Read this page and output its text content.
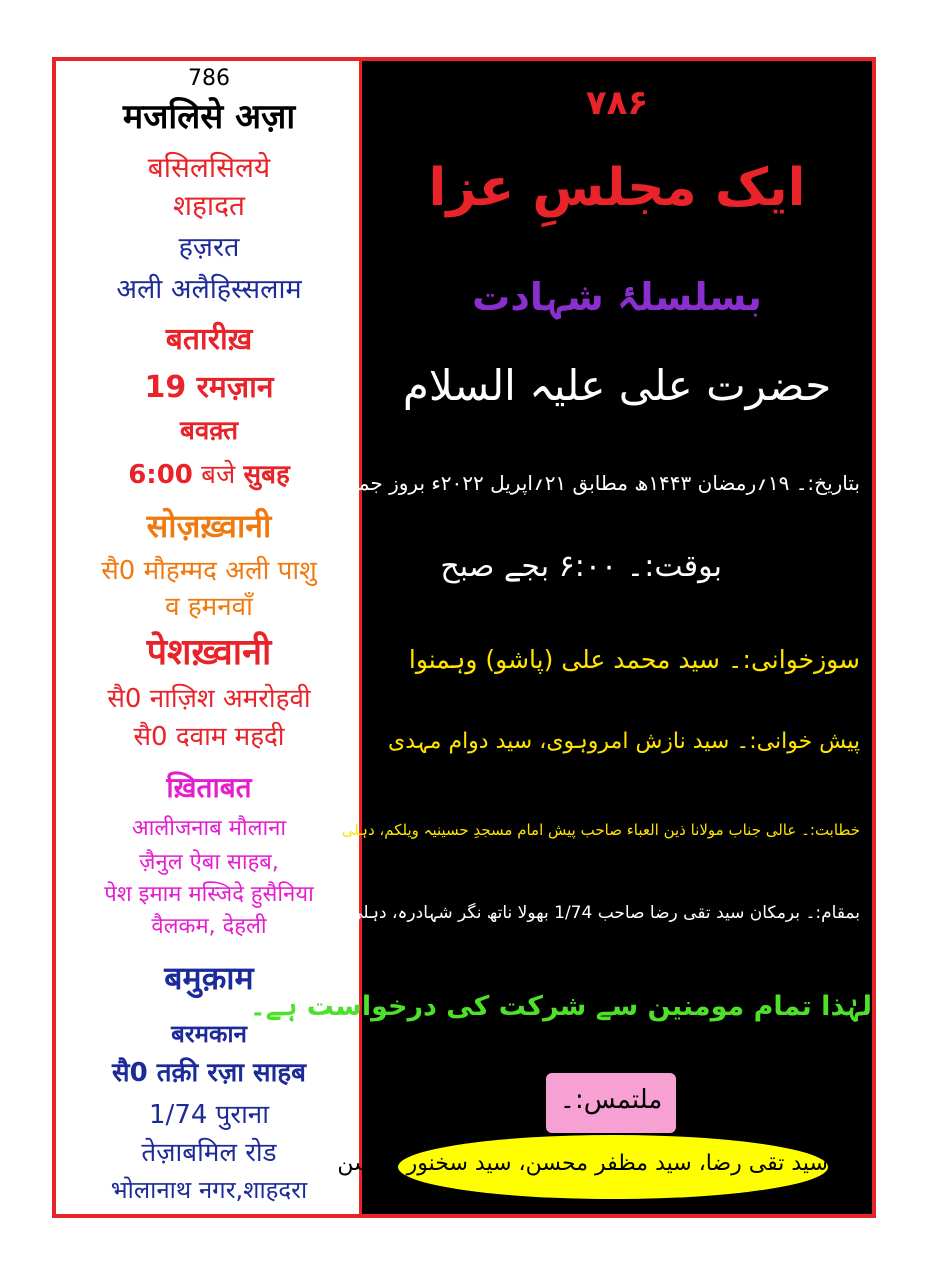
786
मजलिसे अज़ा
बसिलसिलये
शहादत
हज़रत
अली अलैहिस्सलाम
बतारीख़
19 रमज़ान
बवक़्त
6:00 बजे सुबह
सोज़ख़्वानी
सै0 मौहम्मद अली पाशु
व हमनवाँ
पेशख़्वानी
सै0 नाज़िश अमरोहवी
सै0 दवाम महदी
ख़िताबत
आलीजनाब मौलाना
ज़ैनुल ऐबा साहब,
पेश इमाम मस्जिदे हुसैनिया
वैलकम, देहली
बमुक़ाम
बरमकान
सै0 तक़ी रज़ा साहब
1/74 पुराना
तेज़ाबमिल रोड
भोलानाथ नगर,शाहदरा
۷۸۶
ایک مجلسِ عزا
بسلسلۂ شہادت
حضرت علی علیہ السلام
بتاریخ:۔ ۱۹؍رمضان ۱۴۴۳ھ مطابق ۲۱؍اپریل ۲۰۲۲ء بروز جمعرات
بوقت:۔ ۶:۰۰ بجے صبح
سوزخوانی:۔ سید محمد علی (پاشو) وہمنوا
پیش خوانی:۔ سید نازش امروہوی، سید دوام مہدی
خطابت:۔ عالی جناب مولانا ذین العباء صاحب پیش امام مسجدِ حسینیہ ویلکم، دہلی
بمقام:۔ برمکان سید تقی رضا صاحب 1/74 بھولا ناتھ نگر شہادرہ، دہلی
لہٰذا تمام مومنین سے شرکت کی درخواست ہے۔
ملتمس:۔
سید تقی رضا، سید مظفر محسن، سید سخنور محسن
